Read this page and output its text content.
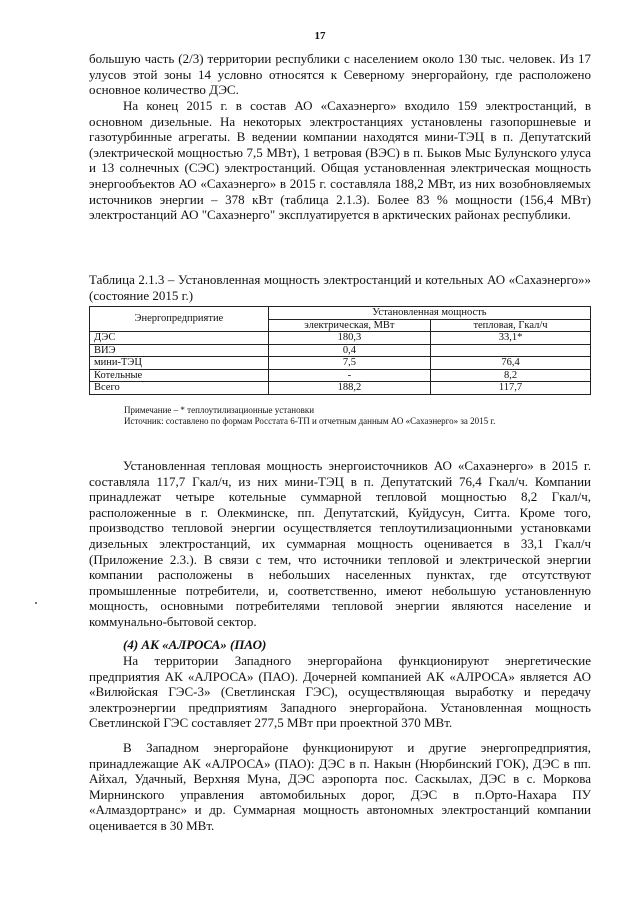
17

большую часть (2/3) территории республики с населением около 130 тыс. человек. Из 17 улусов этой зоны 14 условно относятся к Северному энергорайону, где расположено основное количество ДЭС.

На конец 2015 г. в состав АО «Сахаэнерго» входило 159 электростанций, в основном дизельные. На некоторых электростанциях установлены газопоршневые и газотурбинные агрегаты. В ведении компании находятся мини-ТЭЦ в п. Депутатский (электрической мощностью 7,5 МВт), 1 ветровая (ВЭС) в п. Быков Мыс Булунского улуса и 13 солнечных (СЭС) электростанций. Общая установленная электрическая мощность энергообъектов АО «Сахаэнерго» в 2015 г. составляла 188,2 МВт, из них возобновляемых источников энергии – 378 кВт (таблица 2.1.3). Более 83 % мощности (156,4 МВт) электростанций АО "Сахаэнерго" эксплуатируется в арктических районах республики.

Таблица 2.1.3 – Установленная мощность электростанций и котельных АО «Сахаэнерго»» (состояние 2015 г.)

Энергопредприятие	Установленная мощность	
	электрическая, МВт	тепловая, Гкал/ч
ДЭС	180,3	33,1*
ВИЭ	0,4	
мини-ТЭЦ	7,5	76,4
Котельные	-	8,2
Всего	188,2	117,7
Примечание – * теплоутилизационные установки
Источник: составлено по формам Росстата 6-ТП и отчетным данным АО «Сахаэнерго» за 2015 г.

Установленная тепловая мощность энергоисточников АО «Сахаэнерго» в 2015 г. составляла 117,7 Гкал/ч, из них мини-ТЭЦ в п. Депутатский 76,4 Гкал/ч. Компании принадлежат четыре котельные суммарной тепловой мощностью 8,2 Гкал/ч, расположенные в г. Олекминске, пп. Депутатский, Куйдусун, Ситта. Кроме того, производство тепловой энергии осуществляется теплоутилизационными установками дизельных электростанций, их суммарная мощность оценивается в 33,1 Гкал/ч (Приложение 2.3.). В связи с тем, что источники тепловой и электрической энергии компании расположены в небольших населенных пунктах, где отсутствуют промышленные потребители, и, соответственно, имеют небольшую установленную мощность, основными потребителями тепловой энергии являются население и коммунально-бытовой сектор.

(4) АК «АЛРОСА» (ПАО)

На территории Западного энергорайона функционируют энергетические предприятия АК «АЛРОСА» (ПАО). Дочерней компанией АК «АЛРОСА» является АО «Вилюйская ГЭС-3» (Светлинская ГЭС), осуществляющая выработку и передачу электроэнергии предприятиям Западного энергорайона. Установленная мощность Светлинской ГЭС составляет 277,5 МВт при проектной 370 МВт.

В Западном энергорайоне функционируют и другие энергопредприятия, принадлежащие АК «АЛРОСА» (ПАО): ДЭС в п. Накын (Нюрбинский ГОК), ДЭС в пп. Айхал, Удачный, Верхняя Муна, ДЭС аэропорта пос. Саскылах, ДЭС в с. Моркова Мирнинского управления автомобильных дорог, ДЭС в п.Орто-Нахара ПУ «Алмаздортранс» и др. Суммарная мощность автономных электростанций компании оценивается в 30 МВт.
